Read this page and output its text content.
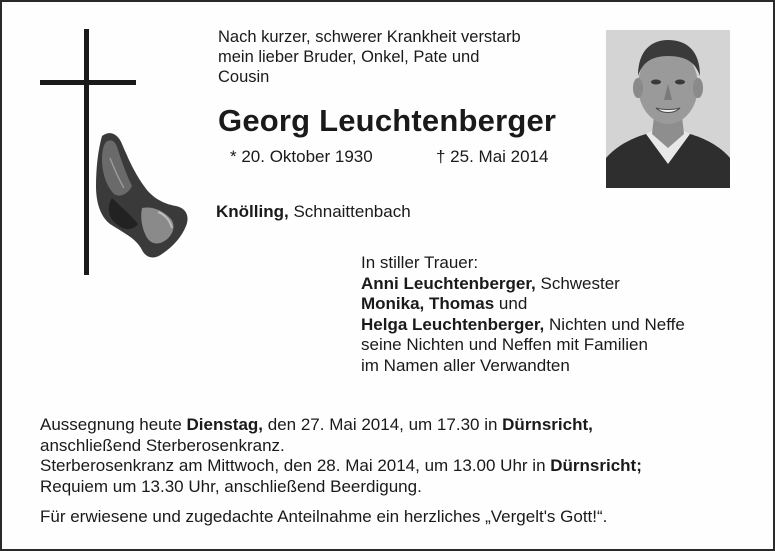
Nach kurzer, schwerer Krankheit verstarb
mein lieber Bruder, Onkel, Pate und
Cousin
Georg Leuchtenberger
* 20. Oktober 1930	† 25. Mai 2014
Knölling, Schnaittenbach
In stiller Trauer:
Anni Leuchtenberger, Schwester
Monika, Thomas und
Helga Leuchtenberger, Nichten und Neffe
seine Nichten und Neffen mit Familien
im Namen aller Verwandten
Aussegnung heute Dienstag, den 27. Mai 2014, um 17.30 in Dürnsricht,
anschließend Sterberosenkranz.
Sterberosenkranz am Mittwoch, den 28. Mai 2014, um 13.00 Uhr in Dürnsricht;
Requiem um 13.30 Uhr, anschließend Beerdigung.
Für erwiesene und zugedachte Anteilnahme ein herzliches „Vergelt's Gott!“.
